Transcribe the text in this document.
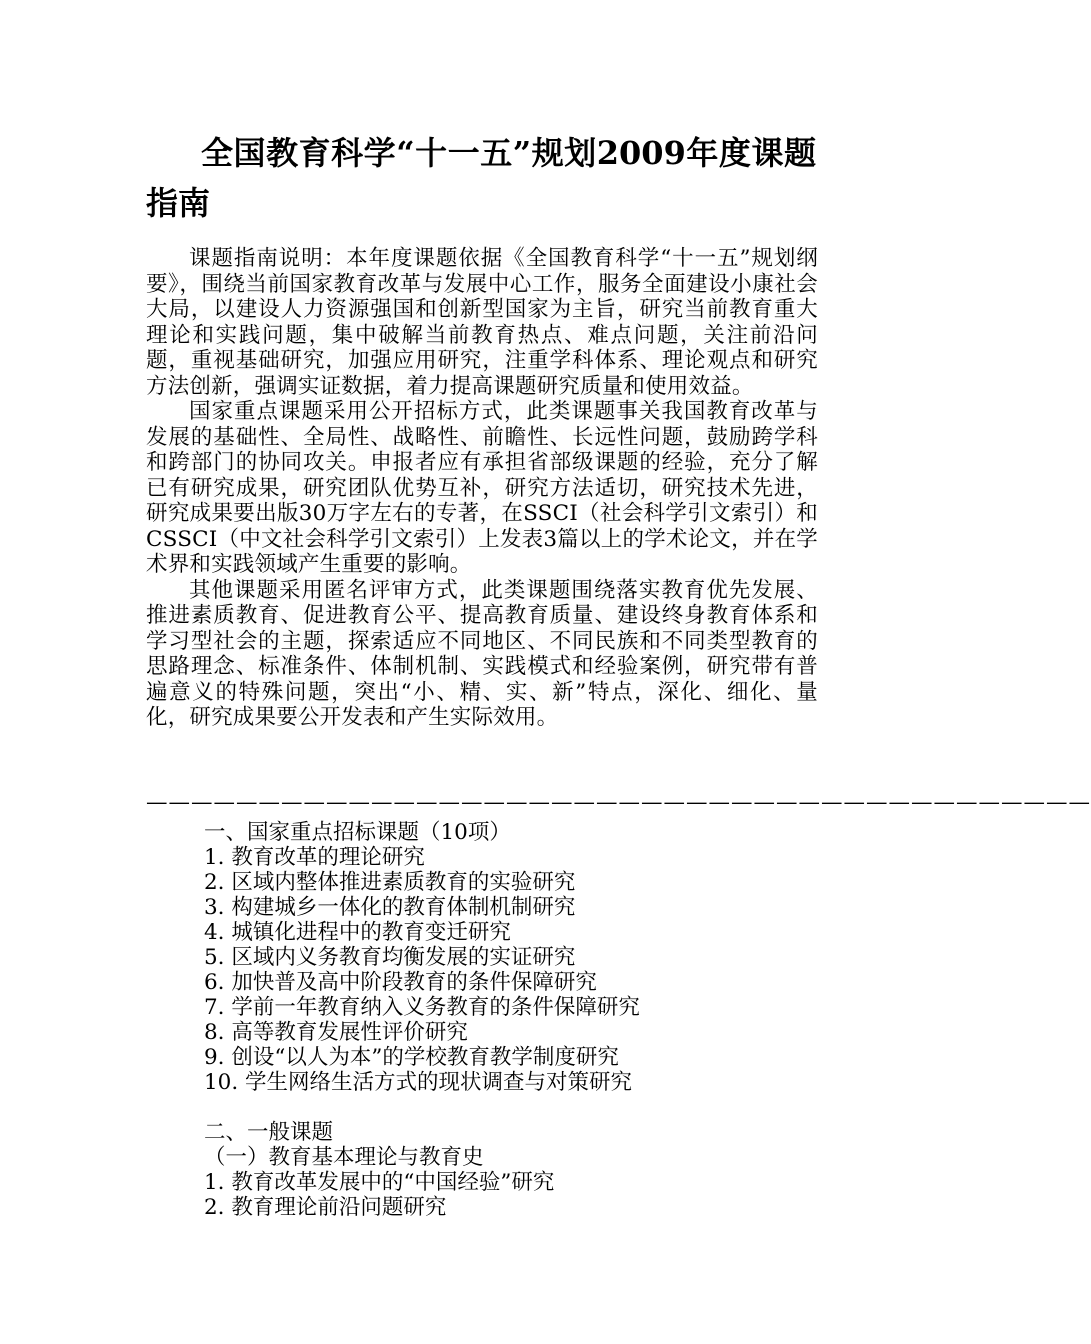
全国教育科学“十一五”规划2009年度课题指南

课题指南说明：本年度课题依据《全国教育科学“十一五”规划纲要》，围绕当前国家教育改革与发展中心工作，服务全面建设小康社会大局，以建设人力资源强国和创新型国家为主旨，研究当前教育重大理论和实践问题，集中破解当前教育热点、难点问题，关注前沿问题，重视基础研究，加强应用研究，注重学科体系、理论观点和研究方法创新，强调实证数据，着力提高课题研究质量和使用效益。

国家重点课题采用公开招标方式，此类课题事关我国教育改革与发展的基础性、全局性、战略性、前瞻性、长远性问题，鼓励跨学科和跨部门的协同攻关。申报者应有承担省部级课题的经验，充分了解已有研究成果，研究团队优势互补，研究方法适切，研究技术先进，研究成果要出版30万字左右的专著，在SSCI（社会科学引文索引）和CSSCI（中文社会科学引文索引）上发表3篇以上的学术论文，并在学术界和实践领域产生重要的影响。

其他课题采用匿名评审方式，此类课题围绕落实教育优先发展、推进素质教育、促进教育公平、提高教育质量、建设终身教育体系和学习型社会的主题，探索适应不同地区、不同民族和不同类型教育的思路理念、标准条件、体制机制、实践模式和经验案例，研究带有普遍意义的特殊问题，突出“小、精、实、新”特点，深化、细化、量化，研究成果要公开发表和产生实际效用。

——————————————————————————————————————————
一、国家重点招标课题（10项）
1. 教育改革的理论研究
2. 区域内整体推进素质教育的实验研究
3. 构建城乡一体化的教育体制机制研究
4. 城镇化进程中的教育变迁研究
5. 区域内义务教育均衡发展的实证研究
6. 加快普及高中阶段教育的条件保障研究
7. 学前一年教育纳入义务教育的条件保障研究
8. 高等教育发展性评价研究
9. 创设“以人为本”的学校教育教学制度研究
10. 学生网络生活方式的现状调查与对策研究
二、一般课题
（一）教育基本理论与教育史
1. 教育改革发展中的“中国经验”研究
2. 教育理论前沿问题研究
